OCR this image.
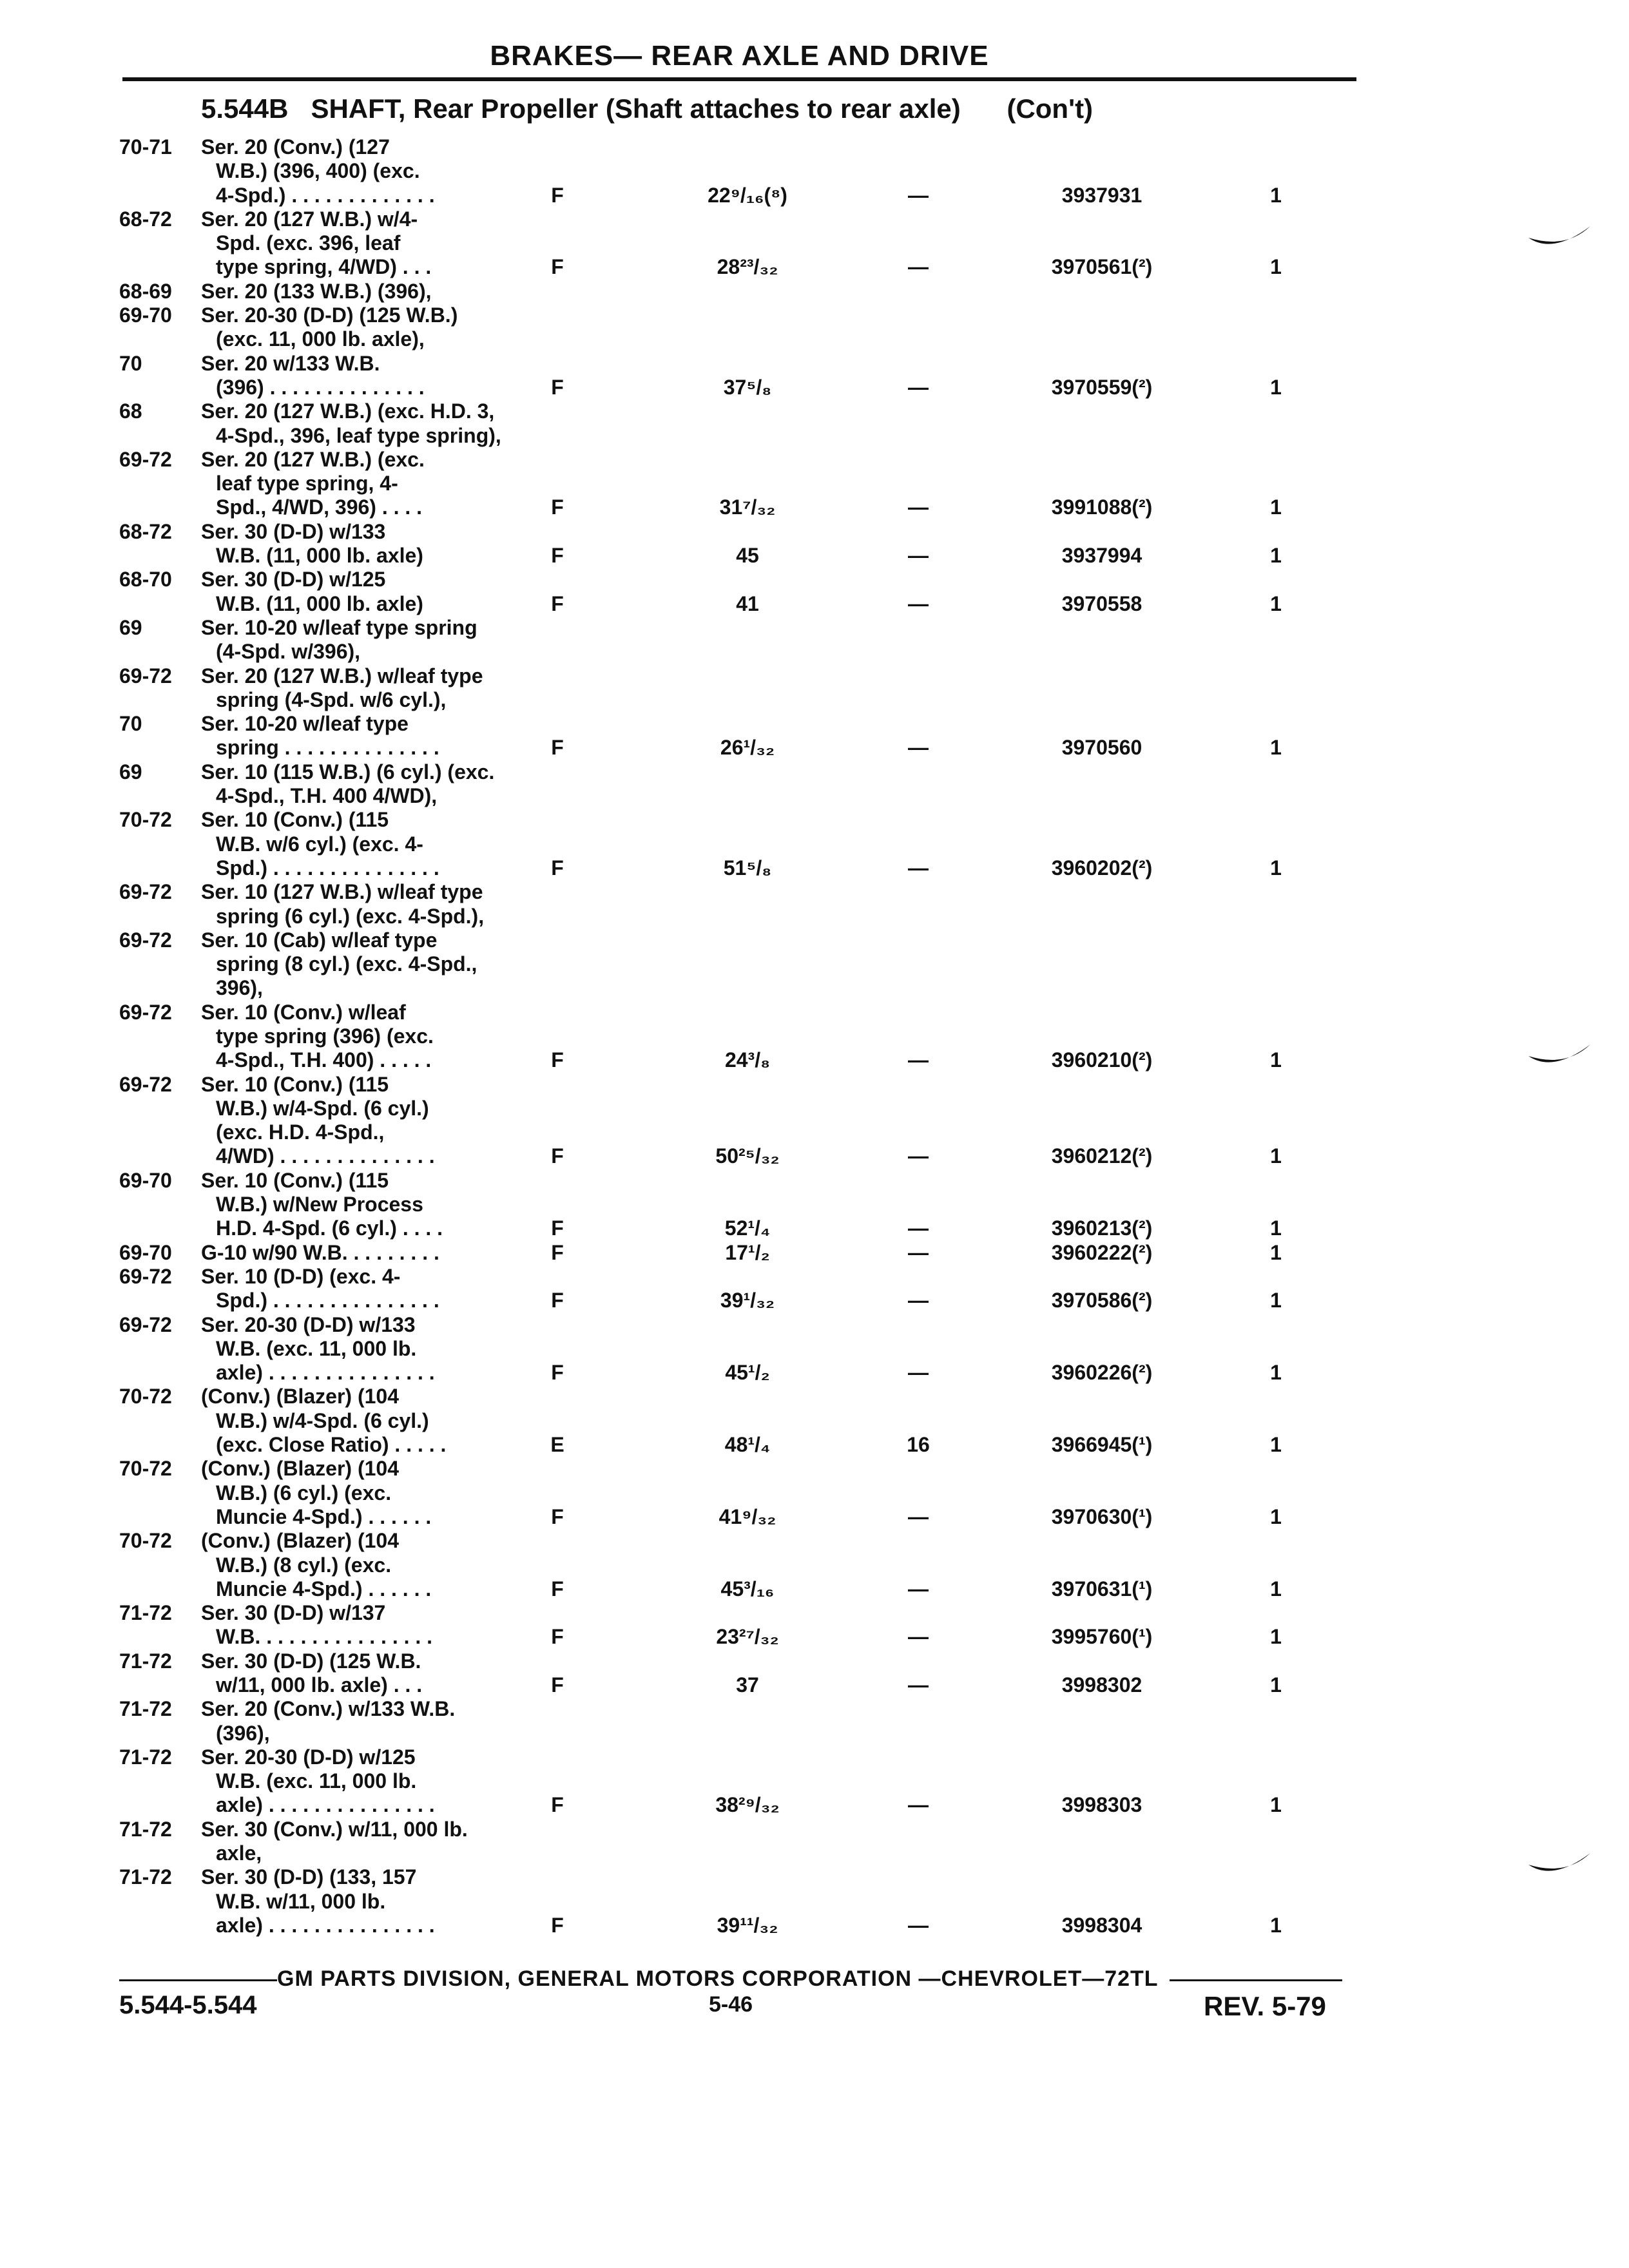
BRAKES— REAR AXLE AND DRIVE
5.544B SHAFT, Rear Propeller (Shaft attaches to rear axle) (Con't)
70-71	Ser. 20 (Conv.) (127
W.B.) (396, 400) (exc.
4-Spd.) . . . . . . . . . . . . .	F	22⁹/₁₆(⁸)	—	3937931	1
68-72	Ser. 20 (127 W.B.) w/4-
Spd. (exc. 396, leaf
type spring, 4/WD) . . .	F	28²³/₃₂	—	3970561(²)	1
68-69	Ser. 20 (133 W.B.) (396),
69-70	Ser. 20-30 (D-D) (125 W.B.)
(exc. 11, 000 lb. axle),
70	Ser. 20 w/133 W.B.
(396) . . . . . . . . . . . . . .	F	37⁵/₈	—	3970559(²)	1
68	Ser. 20 (127 W.B.) (exc. H.D. 3,
4-Spd., 396, leaf type spring),
69-72	Ser. 20 (127 W.B.) (exc.
leaf type spring, 4-
Spd., 4/WD, 396) . . . .	F	31⁷/₃₂	—	3991088(²)	1
68-72	Ser. 30 (D-D) w/133
W.B. (11, 000 lb. axle)	F	45	—	3937994	1
68-70	Ser. 30 (D-D) w/125
W.B. (11, 000 lb. axle)	F	41	—	3970558	1
69	Ser. 10-20 w/leaf type spring
(4-Spd. w/396),
69-72	Ser. 20 (127 W.B.) w/leaf type
spring (4-Spd. w/6 cyl.),
70	Ser. 10-20 w/leaf type
spring . . . . . . . . . . . . . .	F	26¹/₃₂	—	3970560	1
69	Ser. 10 (115 W.B.) (6 cyl.) (exc.
4-Spd., T.H. 400 4/WD),
70-72	Ser. 10 (Conv.) (115
W.B. w/6 cyl.) (exc. 4-
Spd.) . . . . . . . . . . . . . . .	F	51⁵/₈	—	3960202(²)	1
69-72	Ser. 10 (127 W.B.) w/leaf type
spring (6 cyl.) (exc. 4-Spd.),
69-72	Ser. 10 (Cab) w/leaf type
spring (8 cyl.) (exc. 4-Spd.,
396),
69-72	Ser. 10 (Conv.) w/leaf
type spring (396) (exc.
4-Spd., T.H. 400) . . . . .	F	24³/₈	—	3960210(²)	1
69-72	Ser. 10 (Conv.) (115
W.B.) w/4-Spd. (6 cyl.)
(exc. H.D. 4-Spd.,
4/WD) . . . . . . . . . . . . . .	F	50²⁵/₃₂	—	3960212(²)	1
69-70	Ser. 10 (Conv.) (115
W.B.) w/New Process
H.D. 4-Spd. (6 cyl.) . . . .	F	52¹/₄	—	3960213(²)	1
69-70	G-10 w/90 W.B. . . . . . . . .	F	17¹/₂	—	3960222(²)	1
69-72	Ser. 10 (D-D) (exc. 4-
Spd.) . . . . . . . . . . . . . . .	F	39¹/₃₂	—	3970586(²)	1
69-72	Ser. 20-30 (D-D) w/133
W.B. (exc. 11, 000 lb.
axle) . . . . . . . . . . . . . . .	F	45¹/₂	—	3960226(²)	1
70-72	(Conv.) (Blazer) (104
W.B.) w/4-Spd. (6 cyl.)
(exc. Close Ratio) . . . . .	E	48¹/₄	16	3966945(¹)	1
70-72	(Conv.) (Blazer) (104
W.B.) (6 cyl.) (exc.
Muncie 4-Spd.) . . . . . .	F	41⁹/₃₂	—	3970630(¹)	1
70-72	(Conv.) (Blazer) (104
W.B.) (8 cyl.) (exc.
Muncie 4-Spd.) . . . . . .	F	45³/₁₆	—	3970631(¹)	1
71-72	Ser. 30 (D-D) w/137
W.B. . . . . . . . . . . . . . . .	F	23²⁷/₃₂	—	3995760(¹)	1
71-72	Ser. 30 (D-D) (125 W.B.
w/11, 000 lb. axle) . . .	F	37	—	3998302	1
71-72	Ser. 20 (Conv.) w/133 W.B.
(396),
71-72	Ser. 20-30 (D-D) w/125
W.B. (exc. 11, 000 lb.
axle) . . . . . . . . . . . . . . .	F	38²⁹/₃₂	—	3998303	1
71-72	Ser. 30 (Conv.) w/11, 000 lb.
axle,
71-72	Ser. 30 (D-D) (133, 157
W.B. w/11, 000 lb.
axle) . . . . . . . . . . . . . . .	F	39¹¹/₃₂	—	3998304	1
GM PARTS DIVISION, GENERAL MOTORS CORPORATION —CHEVROLET—72TL
5.544-5.544	5-46	REV. 5-79
